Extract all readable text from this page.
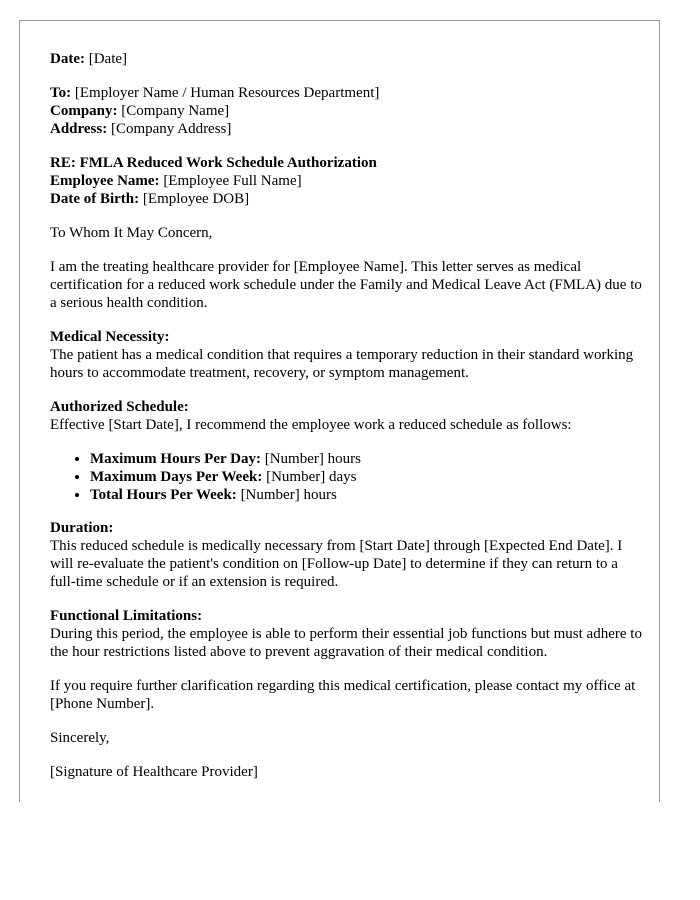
Date: [Date]

To: [Employer Name / Human Resources Department]
Company: [Company Name]
Address: [Company Address]
RE: FMLA Reduced Work Schedule Authorization
Employee Name: [Employee Full Name]
Date of Birth: [Employee DOB]

To Whom It May Concern,

I am the treating healthcare provider for [Employee Name]. This letter serves as medical certification for a reduced work schedule under the Family and Medical Leave Act (FMLA) due to a serious health condition.

Medical Necessity:
The patient has a medical condition that requires a temporary reduction in their standard working hours to accommodate treatment, recovery, or symptom management.
Authorized Schedule:
Effective [Start Date], I recommend the employee work a reduced schedule as follows:
• Maximum Hours Per Day: [Number] hours
• Maximum Days Per Week: [Number] days
• Total Hours Per Week: [Number] hours
Duration:
This reduced schedule is medically necessary from [Start Date] through [Expected End Date]. I will re-evaluate the patient's condition on [Follow-up Date] to determine if they can return to a full-time schedule or if an extension is required.
Functional Limitations:
During this period, the employee is able to perform their essential job functions but must adhere to the hour restrictions listed above to prevent aggravation of their medical condition.

If you require further clarification regarding this medical certification, please contact my office at [Phone Number].

Sincerely,

[Signature of Healthcare Provider]
